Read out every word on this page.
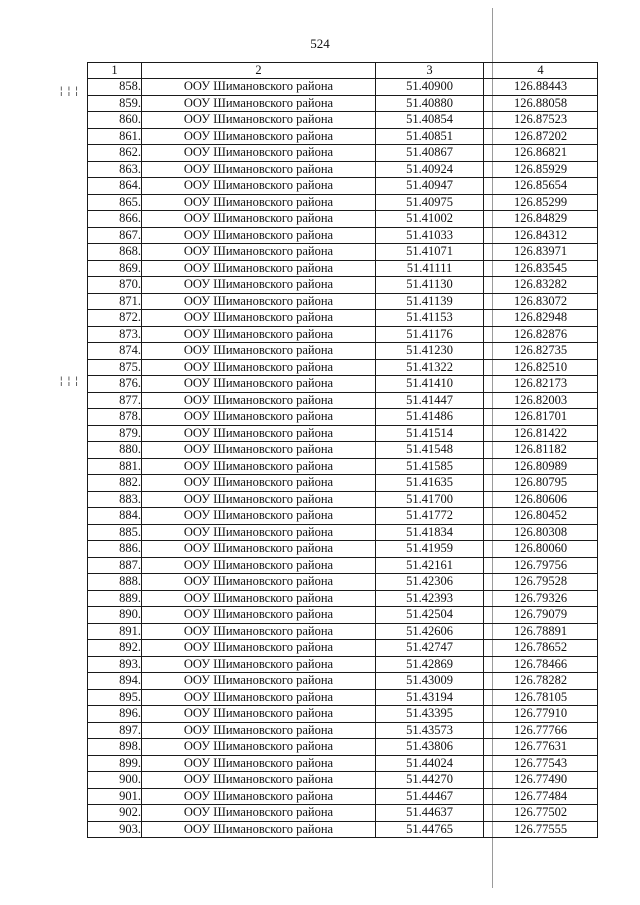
524
¦¦¦
¦¦¦
1	2	3	4
858.	ООУ Шимановского района	51.40900	126.88443
859.	ООУ Шимановского района	51.40880	126.88058
860.	ООУ Шимановского района	51.40854	126.87523
861.	ООУ Шимановского района	51.40851	126.87202
862.	ООУ Шимановского района	51.40867	126.86821
863.	ООУ Шимановского района	51.40924	126.85929
864.	ООУ Шимановского района	51.40947	126.85654
865.	ООУ Шимановского района	51.40975	126.85299
866.	ООУ Шимановского района	51.41002	126.84829
867.	ООУ Шимановского района	51.41033	126.84312
868.	ООУ Шимановского района	51.41071	126.83971
869.	ООУ Шимановского района	51.41111	126.83545
870.	ООУ Шимановского района	51.41130	126.83282
871.	ООУ Шимановского района	51.41139	126.83072
872.	ООУ Шимановского района	51.41153	126.82948
873.	ООУ Шимановского района	51.41176	126.82876
874.	ООУ Шимановского района	51.41230	126.82735
875.	ООУ Шимановского района	51.41322	126.82510
876.	ООУ Шимановского района	51.41410	126.82173
877.	ООУ Шимановского района	51.41447	126.82003
878.	ООУ Шимановского района	51.41486	126.81701
879.	ООУ Шимановского района	51.41514	126.81422
880.	ООУ Шимановского района	51.41548	126.81182
881.	ООУ Шимановского района	51.41585	126.80989
882.	ООУ Шимановского района	51.41635	126.80795
883.	ООУ Шимановского района	51.41700	126.80606
884.	ООУ Шимановского района	51.41772	126.80452
885.	ООУ Шимановского района	51.41834	126.80308
886.	ООУ Шимановского района	51.41959	126.80060
887.	ООУ Шимановского района	51.42161	126.79756
888.	ООУ Шимановского района	51.42306	126.79528
889.	ООУ Шимановского района	51.42393	126.79326
890.	ООУ Шимановского района	51.42504	126.79079
891.	ООУ Шимановского района	51.42606	126.78891
892.	ООУ Шимановского района	51.42747	126.78652
893.	ООУ Шимановского района	51.42869	126.78466
894.	ООУ Шимановского района	51.43009	126.78282
895.	ООУ Шимановского района	51.43194	126.78105
896.	ООУ Шимановского района	51.43395	126.77910
897.	ООУ Шимановского района	51.43573	126.77766
898.	ООУ Шимановского района	51.43806	126.77631
899.	ООУ Шимановского района	51.44024	126.77543
900.	ООУ Шимановского района	51.44270	126.77490
901.	ООУ Шимановского района	51.44467	126.77484
902.	ООУ Шимановского района	51.44637	126.77502
903.	ООУ Шимановского района	51.44765	126.77555
